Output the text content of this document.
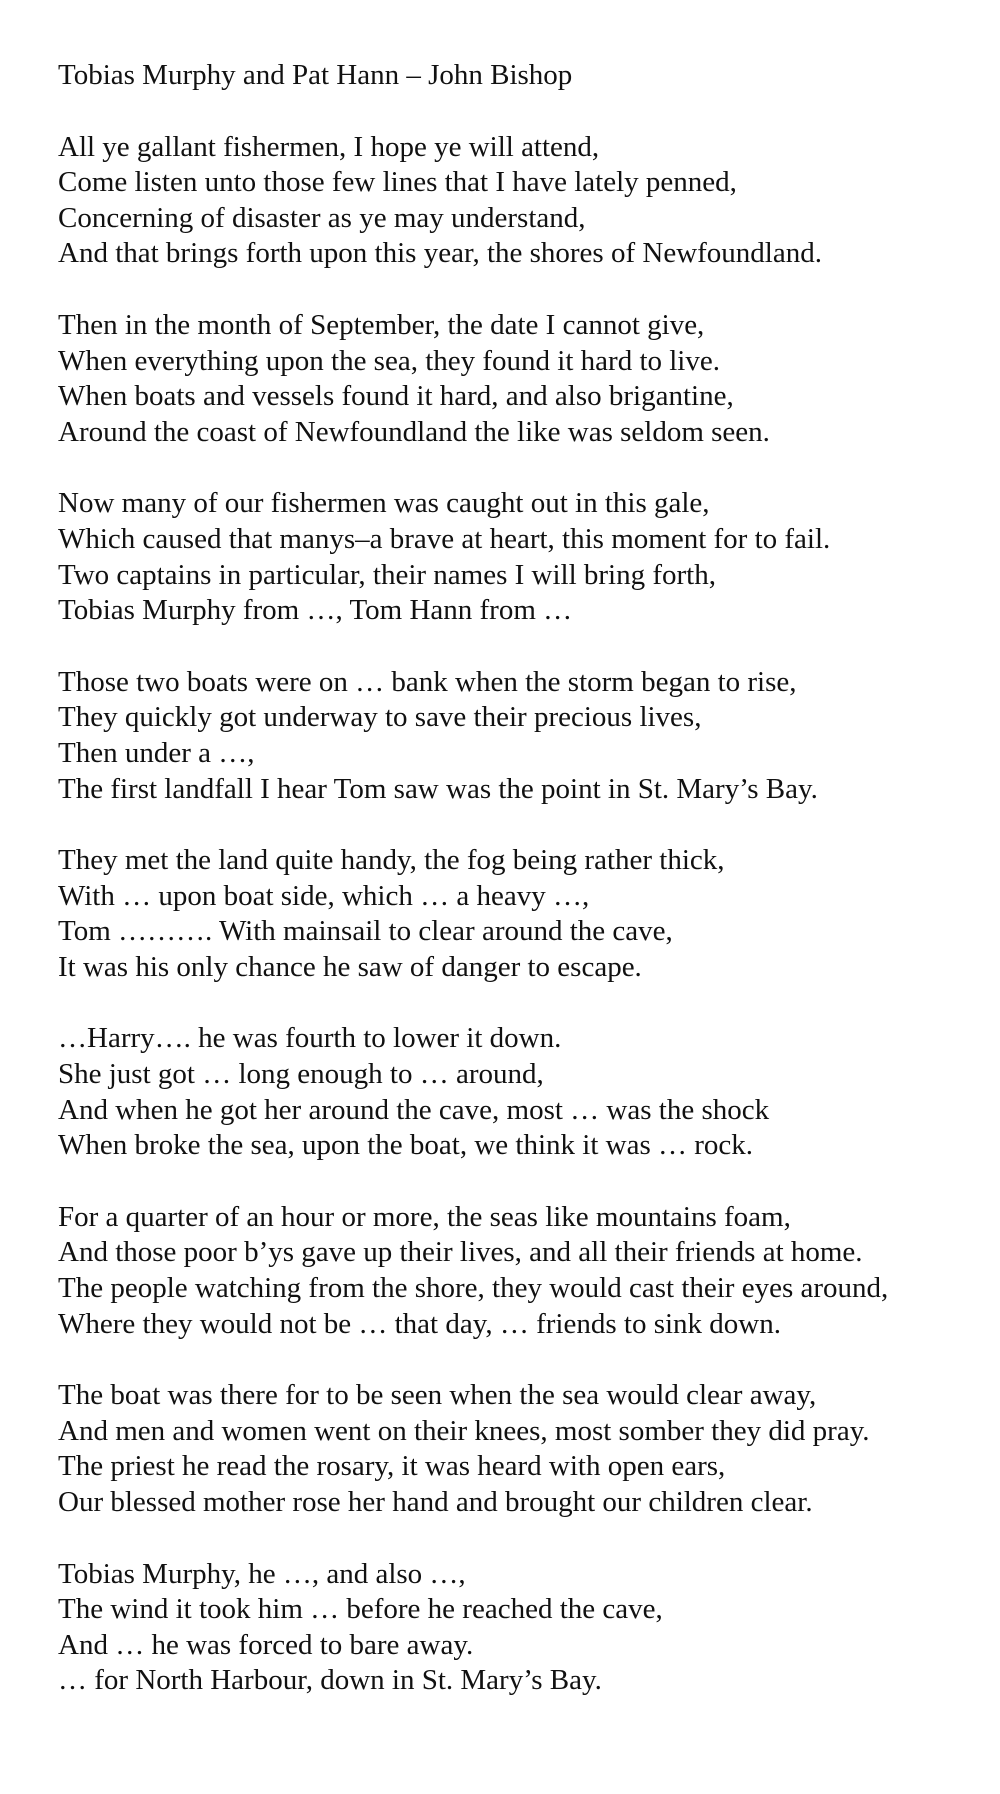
Tobias Murphy and Pat Hann – John Bishop
All ye gallant fishermen, I hope ye will attend,
Come listen unto those few lines that I have lately penned,
Concerning of disaster as ye may understand,
And that brings forth upon this year, the shores of Newfoundland.
Then in the month of September, the date I cannot give,
When everything upon the sea, they found it hard to live.
When boats and vessels found it hard, and also brigantine,
Around the coast of Newfoundland the like was seldom seen.
Now many of our fishermen was caught out in this gale,
Which caused that manys–a brave at heart, this moment for to fail.
Two captains in particular, their names I will bring forth,
Tobias Murphy from …, Tom Hann from …
Those two boats were on … bank when the storm began to rise,
They quickly got underway to save their precious lives,
Then under a …,
The first landfall I hear Tom saw was the point in St. Mary’s Bay.
They met the land quite handy, the fog being rather thick,
With … upon boat side, which … a heavy …,
Tom ………. With mainsail to clear around the cave,
It was his only chance he saw of danger to escape.
…Harry…. he was fourth to lower it down.
She just got … long enough to … around,
And when he got her around the cave, most … was the shock
When broke the sea, upon the boat, we think it was … rock.
For a quarter of an hour or more, the seas like mountains foam,
And those poor b’ys gave up their lives, and all their friends at home.
The people watching from the shore, they would cast their eyes around,
Where they would not be … that day, … friends to sink down.
The boat was there for to be seen when the sea would clear away,
And men and women went on their knees, most somber they did pray.
The priest he read the rosary, it was heard with open ears,
Our blessed mother rose her hand and brought our children clear.
Tobias Murphy, he …, and also …,
The wind it took him … before he reached the cave,
And … he was forced to bare away.
… for North Harbour, down in St. Mary’s Bay.
